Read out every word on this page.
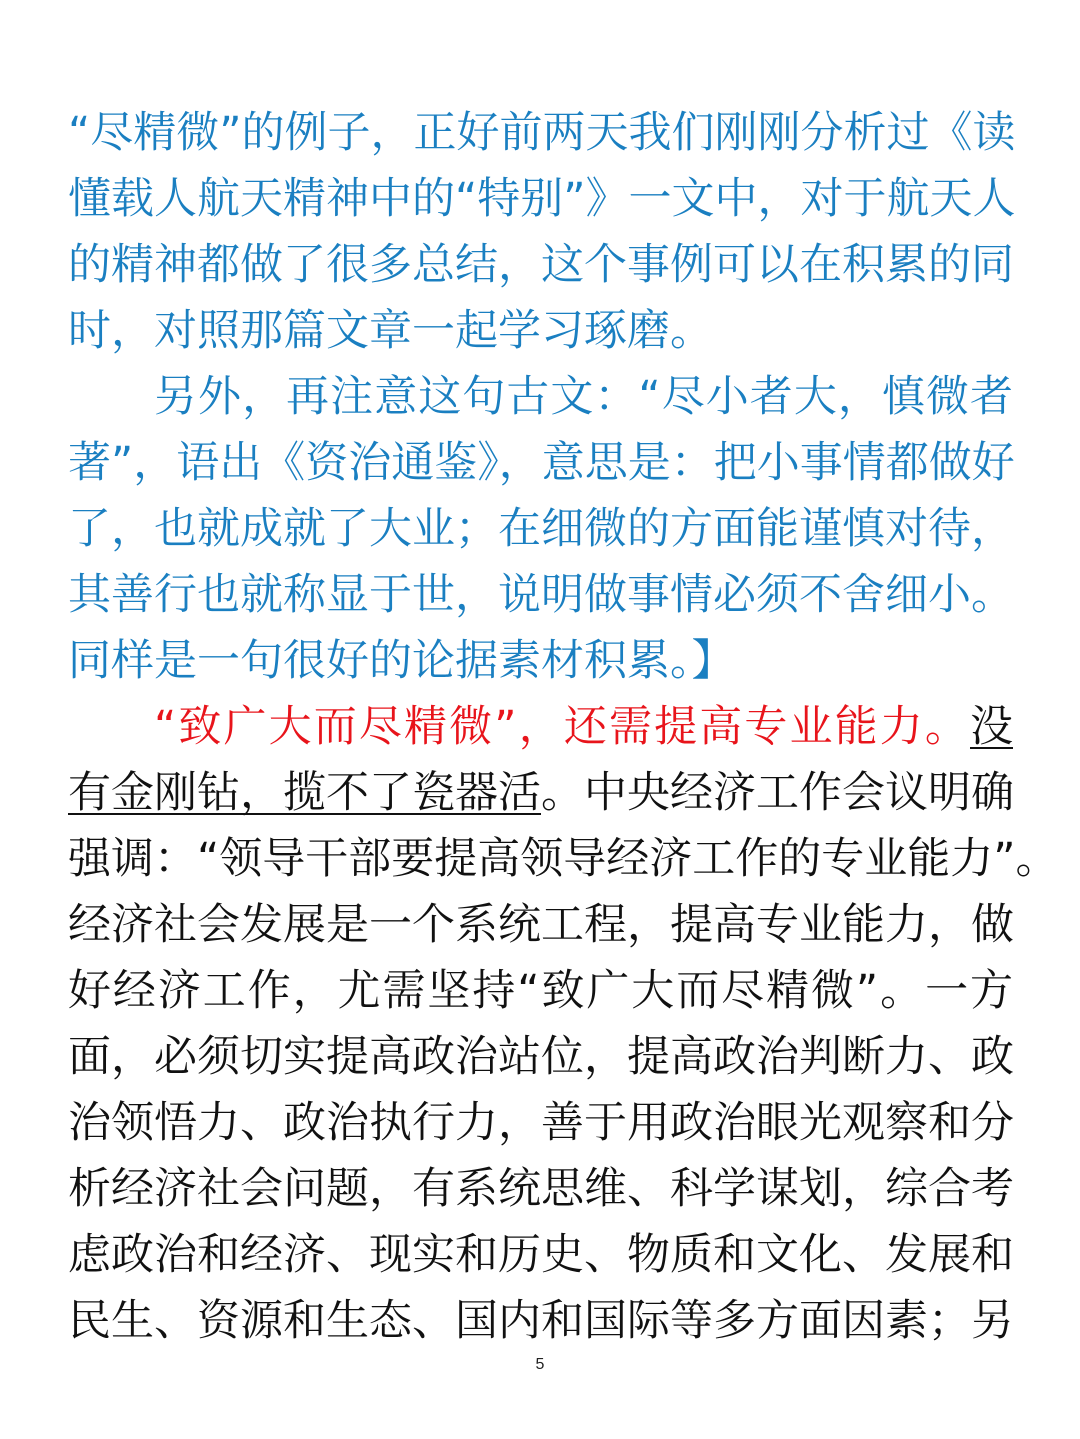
“尽精微”的例子，正好前两天我们刚刚分析过《读
懂载人航天精神中的“特别”》一文中，对于航天人
的精神都做了很多总结，这个事例可以在积累的同
时，对照那篇文章一起学习琢磨。
另外，再注意这句古文：“尽小者大，慎微者
著”，语出《资治通鉴》，意思是：把小事情都做好
了，也就成就了大业；在细微的方面能谨慎对待，
其善行也就称显于世，说明做事情必须不舍细小。
同样是一句很好的论据素材积累。】
“致广大而尽精微”，还需提高专业能力。没
有金刚钻，揽不了瓷器活。中央经济工作会议明确
强调：“领导干部要提高领导经济工作的专业能力”。
经济社会发展是一个系统工程，提高专业能力，做
好经济工作，尤需坚持“致广大而尽精微”。一方
面，必须切实提高政治站位，提高政治判断力、政
治领悟力、政治执行力，善于用政治眼光观察和分
析经济社会问题，有系统思维、科学谋划，综合考
虑政治和经济、现实和历史、物质和文化、发展和
民生、资源和生态、国内和国际等多方面因素；另
5
